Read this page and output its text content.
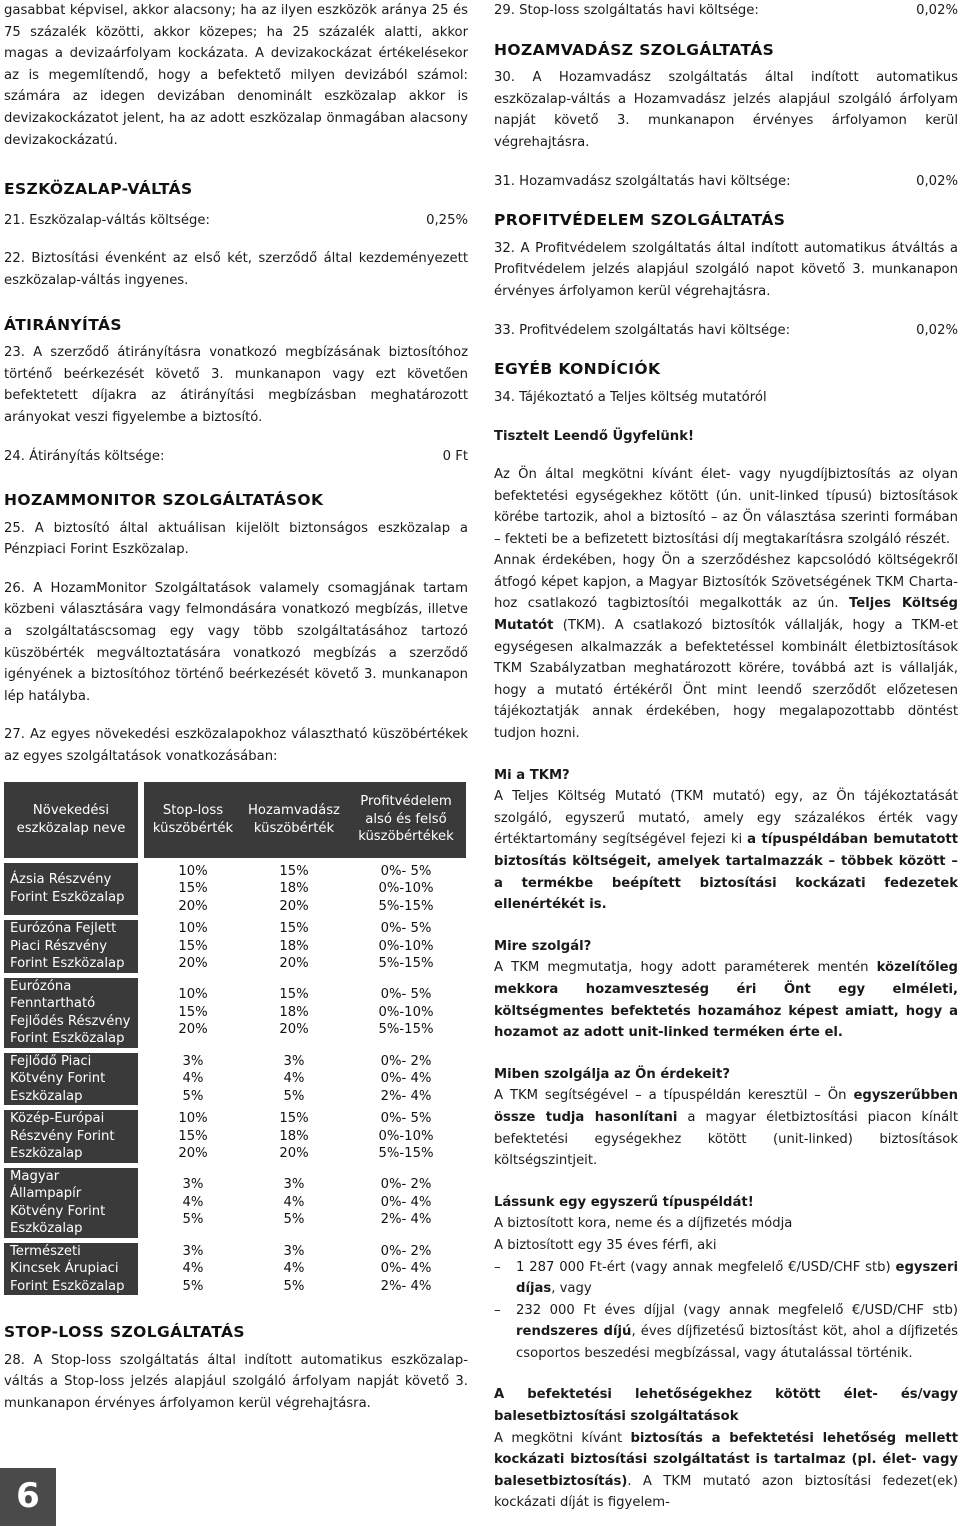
gasabbat képvisel, akkor alacsony; ha az ilyen eszközök aránya 25 és 75 százalék közötti, akkor közepes; ha 25 százalék alatti, akkor magas a devizaárfolyam kockázata. A devizakockázat értékelésekor az is megemlítendő, hogy a befektető milyen devizából számol: számára az idegen devizában denominált eszközalap akkor is devizakockázatot jelent, ha az adott eszközalap önmagában alacsony devizakockázatú.

ESZKÖZALAP-VÁLTÁS
21. Eszközalap-váltás költsége:	0,25%

22. Biztosítási évenként az első két, szerződő által kezdeményezett eszközalap-váltás ingyenes.

ÁTIRÁNYÍTÁS

23. A szerződő átirányításra vonatkozó megbízásának biztosítóhoz történő beérkezését követő 3. munkanapon vagy ezt követően befektetett díjakra az átirányítási megbízásban meghatározott arányokat veszi figyelembe a biztosító.

24. Átirányítás költsége:	0 Ft
HOZAMMONITOR SZOLGÁLTATÁSOK

25. A biztosító által aktuálisan kijelölt biztonságos eszközalap a Pénzpiaci Forint Eszközalap.

26. A HozamMonitor Szolgáltatások valamely csomagjának tartam közbeni választására vagy felmondására vonatkozó megbízás, illetve a szolgáltatáscsomag egy vagy több szolgáltatásához tartozó küszöbérték megváltoztatására vonatkozó megbízás a szerződő igényének a biztosítóhoz történő beérkezését követő 3. munkanapon lép hatályba.

27. Az egyes növekedési eszközalapokhoz választható küszöbértékek az egyes szolgáltatások vonatkozásában:

Növekedési eszközalap neve	Stop-loss küszöbérték	Hozamvadász küszöbérték	Profitvédelem alsó és felső küszöbértékek
Ázsia Részvény Forint Eszközalap	10%
15%
20%	15%
18%
20%	0%- 5%
0%-10%
5%-15%

Eurózóna Fejlett Piaci Részvény Forint Eszközalap	10%
15%
20%	15%
18%
20%	0%- 5%
0%-10%
5%-15%

Eurózóna Fenntartható Fejlődés Részvény Forint Eszközalap	10%
15%
20%	15%
18%
20%	0%- 5%
0%-10%
5%-15%

Fejlődő Piaci Kötvény Forint Eszközalap	3%
4%
5%	3%
4%
5%	0%- 2%
0%- 4%
2%- 4%

Közép-Európai Részvény Forint Eszközalap	10%
15%
20%	15%
18%
20%	0%- 5%
0%-10%
5%-15%

Magyar Állampapír Kötvény Forint Eszközalap	3%
4%
5%	3%
4%
5%	0%- 2%
0%- 4%
2%- 4%

Természeti Kincsek Árupiaci Forint Eszközalap	3%
4%
5%	3%
4%
5%	0%- 2%
0%- 4%
2%- 4%
STOP-LOSS SZOLGÁLTATÁS

28. A Stop-loss szolgáltatás által indított automatikus eszközalap-váltás a Stop-loss jelzés alapjául szolgáló árfolyam napját követő 3. munkanapon érvényes árfolyamon kerül végrehajtásra.

6
29. Stop-loss szolgáltatás havi költsége:	0,02%
HOZAMVADÁSZ SZOLGÁLTATÁS

30. A Hozamvadász szolgáltatás által indított automatikus eszközalap-váltás a Hozamvadász jelzés alapjául szolgáló árfolyam napját követő 3. munkanapon érvényes árfolyamon kerül végrehajtásra.

31. Hozamvadász szolgáltatás havi költsége:	0,02%
PROFITVÉDELEM SZOLGÁLTATÁS

32. A Profitvédelem szolgáltatás által indított automatikus átváltás a Profitvédelem jelzés alapjául szolgáló napot követő 3. munkanapon érvényes árfolyamon kerül végrehajtásra.

33. Profitvédelem szolgáltatás havi költsége:	0,02%
EGYÉB KONDÍCIÓK

34. Tájékoztató a Teljes költség mutatóról

Tisztelt Leendő Ügyfelünk!

Az Ön által megkötni kívánt élet- vagy nyugdíjbiztosítás az olyan befektetési egységekhez kötött (ún. unit-linked típusú) biztosítások körébe tartozik, ahol a biztosító – az Ön választása szerinti formában – fekteti be a befizetett biztosítási díj megtakarításra szolgáló részét.

Annak érdekében, hogy Ön a szerződéshez kapcsolódó költségekről átfogó képet kapjon, a Magyar Biztosítók Szövetségének TKM Charta-hoz csatlakozó tagbiztosítói megalkották az ún. Teljes Költség Mutatót (TKM). A csatlakozó biztosítók vállalják, hogy a TKM-et egységesen alkalmazzák a befektetéssel kombinált életbiztosítások TKM Szabályzatban meghatározott körére, továbbá azt is vállalják, hogy a mutató értékéről Önt mint leendő szerződőt előzetesen tájékoztatják annak érdekében, hogy megalapozottabb döntést tudjon hozni.

Mi a TKM?

A Teljes Költség Mutató (TKM mutató) egy, az Ön tájékoztatását szolgáló, egyszerű mutató, amely egy százalékos érték vagy értéktartomány segítségével fejezi ki a típuspéldában bemutatott biztosítás költségeit, amelyek tartalmazzák – többek között – a termékbe beépített biztosítási kockázati fedezetek ellenértékét is.

Mire szolgál?

A TKM megmutatja, hogy adott paraméterek mentén közelítőleg mekkora hozamveszteség éri Önt egy elméleti, költségmentes befektetés hozamához képest amiatt, hogy a hozamot az adott unit-linked terméken érte el.

Miben szolgálja az Ön érdekeit?

A TKM segítségével – a típuspéldán keresztül – Ön egyszerűbben össze tudja hasonlítani a magyar életbiztosítási piacon kínált befektetési egységekhez kötött (unit-linked) biztosítások költségszintjeit.

Lássunk egy egyszerű típuspéldát!

A biztosított kora, neme és a díjfizetés módja

A biztosított egy 35 éves férfi, aki

– 1 287 000 Ft-ért (vagy annak megfelelő €/USD/CHF stb) egyszeri díjas, vagy
– 232 000 Ft éves díjjal (vagy annak megfelelő €/USD/CHF stb) rendszeres díjú, éves díjfizetésű biztosítást köt, ahol a díjfizetés csoportos beszedési megbízással, vagy átutalással történik.

A befektetési lehetőségekhez kötött élet- és/vagy balesetbiztosítási szolgáltatások

A megkötni kívánt biztosítás a befektetési lehetőség mellett kockázati biztosítási szolgáltatást is tartalmaz (pl. élet- vagy balesetbiztosítás). A TKM mutató azon biztosítási fedezet(ek) kockázati díját is figyelem-
